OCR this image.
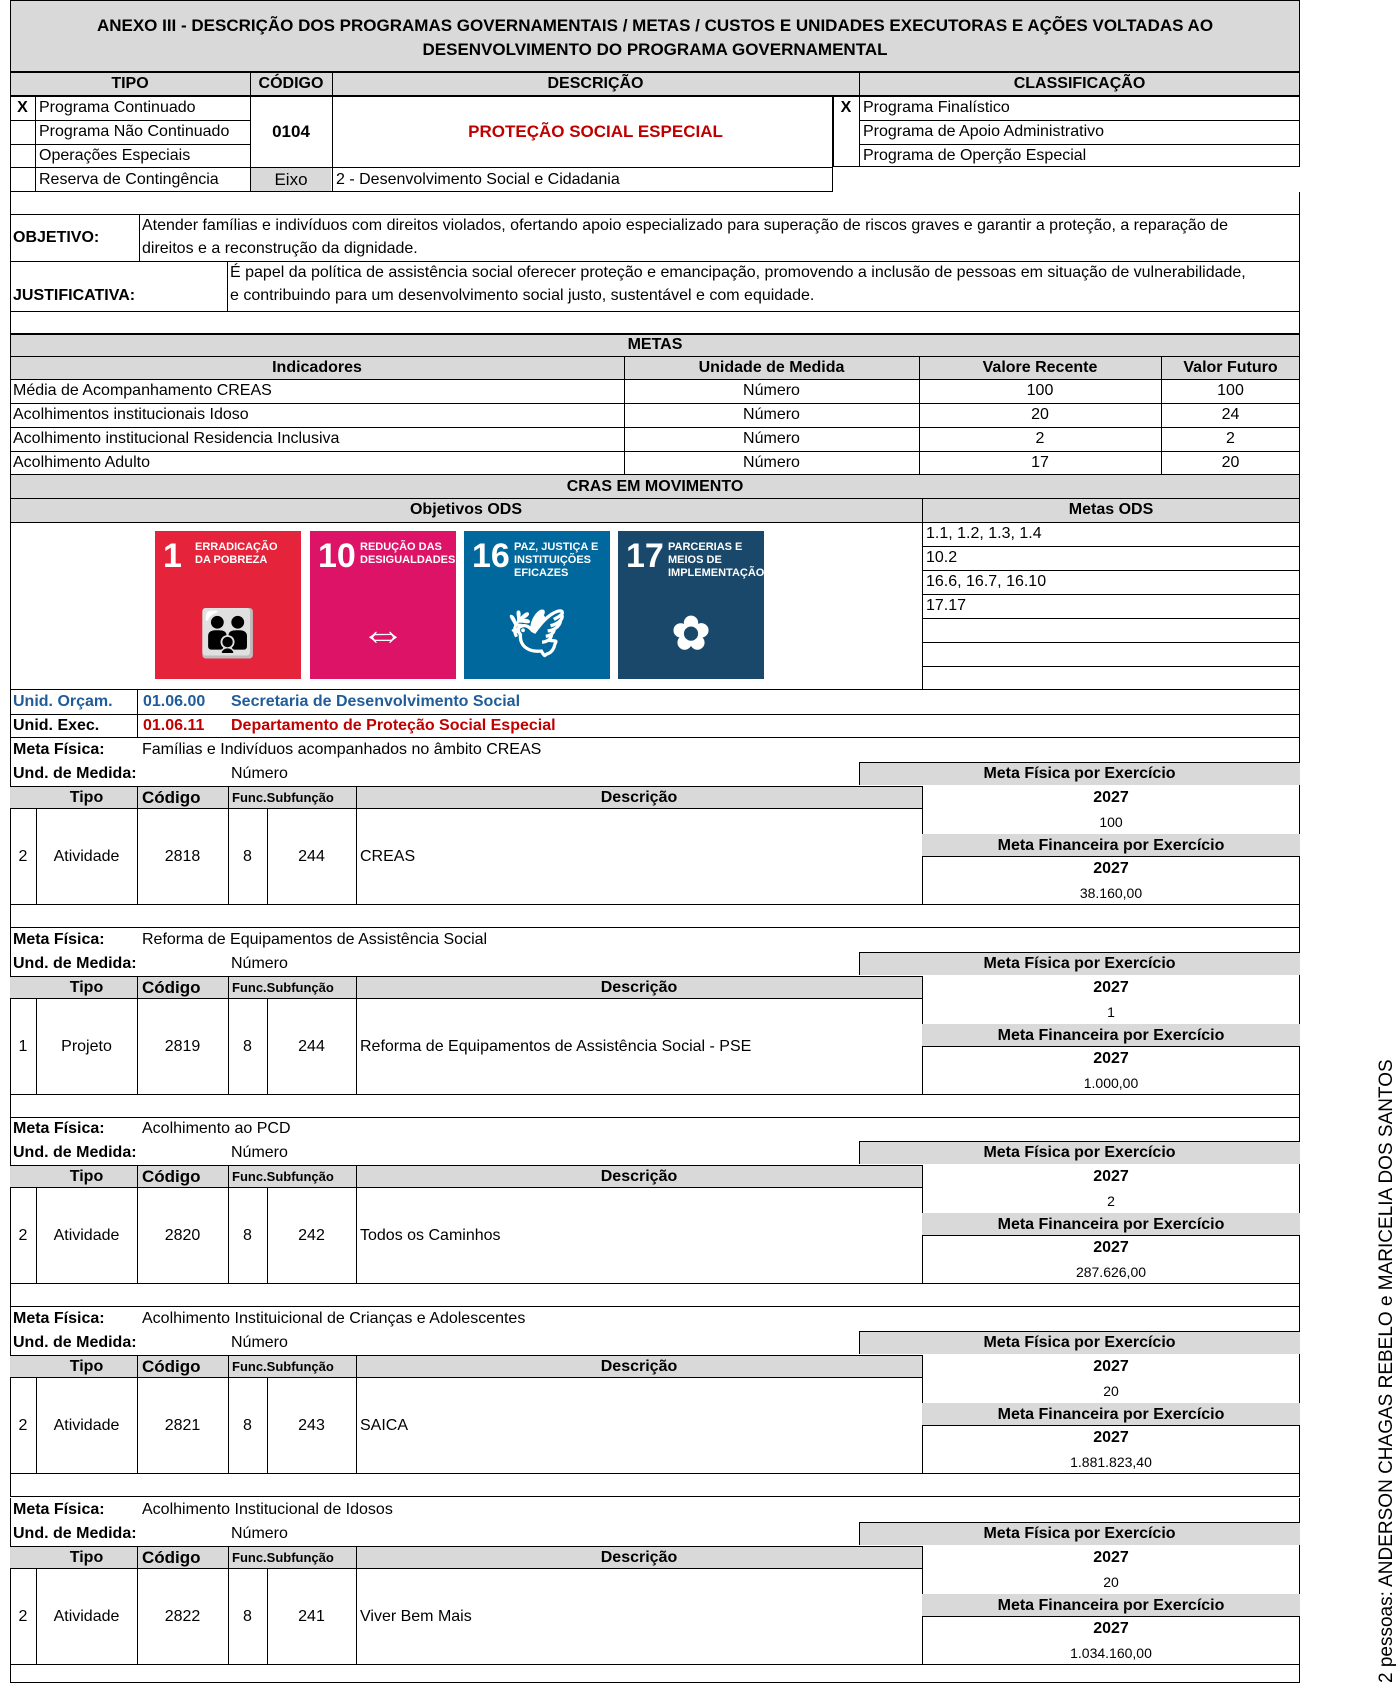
ANEXO III - DESCRIÇÃO DOS PROGRAMAS GOVERNAMENTAIS / METAS / CUSTOS E UNIDADES EXECUTORAS E AÇÕES VOLTADAS AO
DESENVOLVIMENTO DO PROGRAMA GOVERNAMENTAL
TIPO	CÓDIGO	DESCRIÇÃO	CLASSIFICAÇÃO
X Programa Continuado
Programa Não Continuado
Operações Especiais
Reserva de Contingência
0104	PROTEÇÃO SOCIAL ESPECIAL
Eixo	2 - Desenvolvimento Social e Cidadania
X Programa Finalístico
Programa de Apoio Administrativo
Programa de Operção Especial
OBJETIVO:
Atender famílias e indivíduos com direitos violados, ofertando apoio especializado para superação de riscos graves e garantir a proteção, a reparação de
direitos e a reconstrução da dignidade.
JUSTIFICATIVA:
É papel da política de assistência social oferecer proteção e emancipação, promovendo a inclusão de pessoas em situação de vulnerabilidade,
e contribuindo para um desenvolvimento social justo, sustentável e com equidade.
METAS
Indicadores	Unidade de Medida	Valore Recente	Valor Futuro
Média de Acompanhamento CREAS	Número	100	100
Acolhimentos institucionais Idoso	Número	20	24
Acolhimento institucional Residencia Inclusiva	Número	2	2
Acolhimento Adulto	Número	17	20
CRAS EM MOVIMENTO
Objetivos ODS	Metas ODS
1 ERRADICAÇÃO DA POBREZA
👪
10 REDUÇÃO DAS DESIGUALDADES
⇔
16 PAZ, JUSTIÇA E INSTITUIÇÕES EFICAZES
🕊
17 PARCERIAS E MEIOS DE IMPLEMENTAÇÃO
✿
1.1, 1.2, 1.3, 1.4
10.2
16.6, 16.7, 16.10
17.17
Unid. Orçam.	01.06.00	Secretaria de Desenvolvimento Social
Unid. Exec.	01.06.11	Departamento de Proteção Social Especial
Meta Física:	Famílias e Indivíduos acompanhados no âmbito CREAS
Und. de Medida:	Número	Meta Física por Exercício
Tipo	Código	Func.Subfunção	Descrição
2	Atividade	2818	8	244	CREAS
2027
100
Meta Financeira por Exercício
2027
38.160,00
Meta Física:	Reforma de Equipamentos de Assistência Social
Und. de Medida:	Número	Meta Física por Exercício
Tipo	Código	Func.Subfunção	Descrição
1	Projeto	2819	8	244	Reforma de Equipamentos de Assistência Social - PSE
2027
1
Meta Financeira por Exercício
2027
1.000,00
Meta Física:	Acolhimento ao PCD
Und. de Medida:	Número	Meta Física por Exercício
Tipo	Código	Func.Subfunção	Descrição
2	Atividade	2820	8	242	Todos os Caminhos
2027
2
Meta Financeira por Exercício
2027
287.626,00
Meta Física:	Acolhimento Instituicional de Crianças e Adolescentes
Und. de Medida:	Número	Meta Física por Exercício
Tipo	Código	Func.Subfunção	Descrição
2	Atividade	2821	8	243	SAICA
2027
20
Meta Financeira por Exercício
2027
1.881.823,40
Meta Física:	Acolhimento Institucional de Idosos
Und. de Medida:	Número	Meta Física por Exercício
Tipo	Código	Func.Subfunção	Descrição
2	Atividade	2822	8	241	Viver Bem Mais
2027
20
Meta Financeira por Exercício
2027
1.034.160,00	2 pessoas: ANDERSON CHAGAS REBELO e MARICELIA DOS SANTOS
